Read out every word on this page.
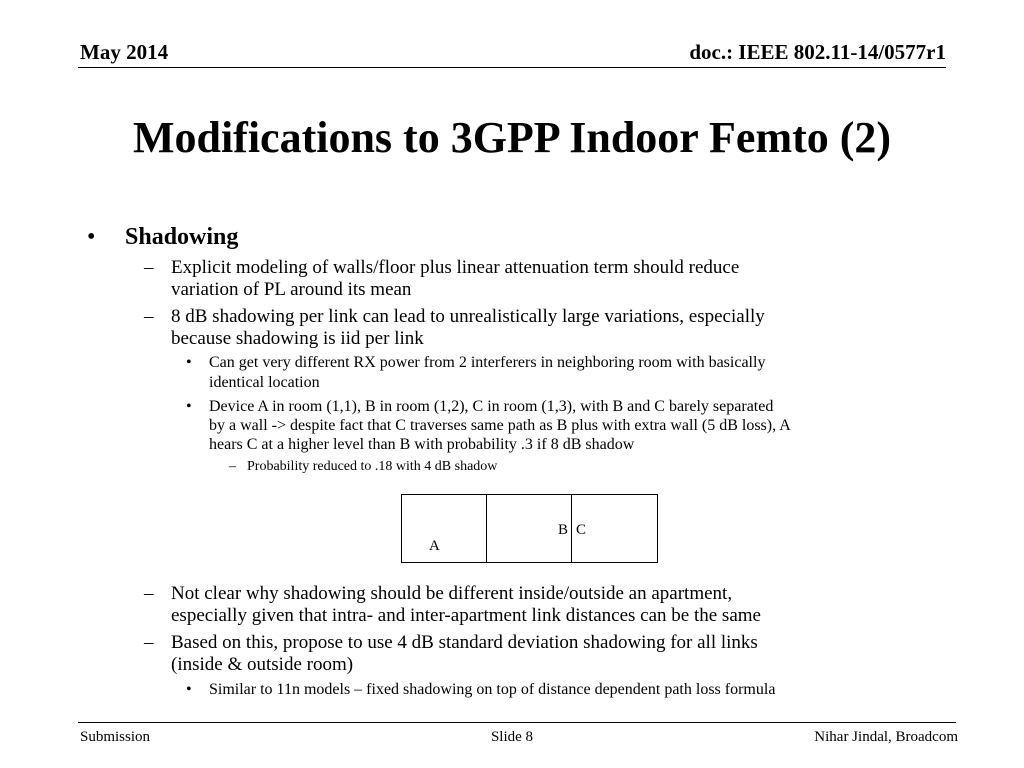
May 2014	doc.: IEEE 802.11-14/0577r1
Modifications to 3GPP Indoor Femto (2)
• Shadowing
– Explicit modeling of walls/floor plus linear attenuation term should reduce
variation of PL around its mean
– 8 dB shadowing per link can lead to unrealistically large variations, especially
because shadowing is iid per link
• Can get very different RX power from 2 interferers in neighboring room with basically
identical location
• Device A in room (1,1), B in room (1,2), C in room (1,3), with B and C barely separated
by a wall -> despite fact that C traverses same path as B plus with extra wall (5 dB loss), A
hears C at a higher level than B with probability .3 if 8 dB shadow
– Probability reduced to .18 with 4 dB shadow
A
B C
– Not clear why shadowing should be different inside/outside an apartment,
especially given that intra- and inter-apartment link distances can be the same
– Based on this, propose to use 4 dB standard deviation shadowing for all links
(inside & outside room)
• Similar to 11n models – fixed shadowing on top of distance dependent path loss formula
Submission	Slide 8	Nihar Jindal, Broadcom
